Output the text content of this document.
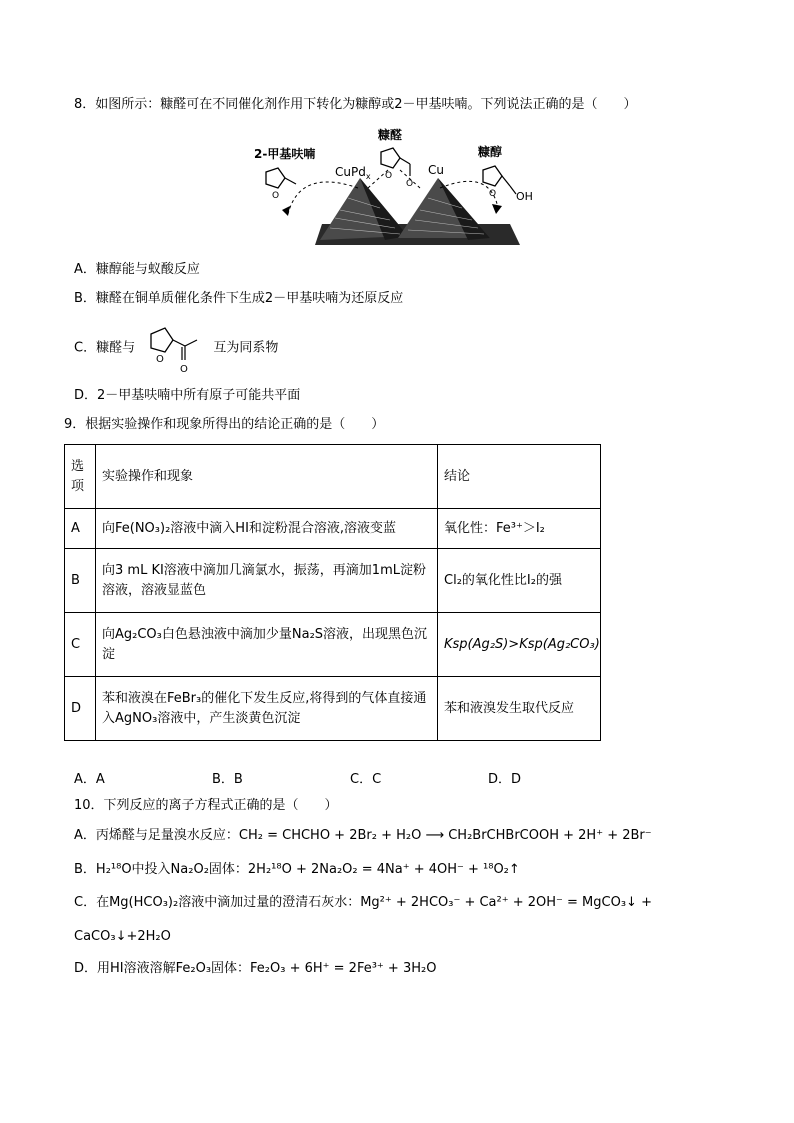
8．如图所示：糠醛可在不同催化剂作用下转化为糠醇或2－甲基呋喃。下列说法正确的是（　　）
糠醛
O
O
CuPd$_x$	Cu
2-甲基呋喃
O
糠醇
OH
O
A．糠醇能与蚁酸反应
B．糠醛在铜单质催化条件下生成2－甲基呋喃为还原反应
C．糠醛与
O
O
互为同系物
D．2－甲基呋喃中所有原子可能共平面
9．根据实验操作和现象所得出的结论正确的是（　　）
选项	实验操作和现象	结论
A	向Fe(NO₃)₂溶液中滴入HI和淀粉混合溶液,溶液变蓝	氧化性：Fe³⁺＞I₂
B	向3 mL KI溶液中滴加几滴氯水，振荡，再滴加1mL淀粉溶液，溶液显蓝色	Cl₂的氧化性比I₂的强
C	向Ag₂CO₃白色悬浊液中滴加少量Na₂S溶液，出现黑色沉淀	Ksp(Ag₂S)>Ksp(Ag₂CO₃)
D	苯和液溴在FeBr₃的催化下发生反应,将得到的气体直接通入AgNO₃溶液中，产生淡黄色沉淀	苯和液溴发生取代反应
A．A	B．B	C．C	D．D
10．下列反应的离子方程式正确的是（　　）
A．丙烯醛与足量溴水反应：CH₂ = CHCHO + 2Br₂ + H₂O ⟶ CH₂BrCHBrCOOH + 2H⁺ + 2Br⁻
B．H₂¹⁸O中投入Na₂O₂固体：2H₂¹⁸O + 2Na₂O₂ = 4Na⁺ + 4OH⁻ + ¹⁸O₂↑
C．在Mg(HCO₃)₂溶液中滴加过量的澄清石灰水：Mg²⁺ + 2HCO₃⁻ + Ca²⁺ + 2OH⁻ = MgCO₃↓ +
CaCO₃↓+2H₂O
D．用HI溶液溶解Fe₂O₃固体：Fe₂O₃ + 6H⁺ = 2Fe³⁺ + 3H₂O
